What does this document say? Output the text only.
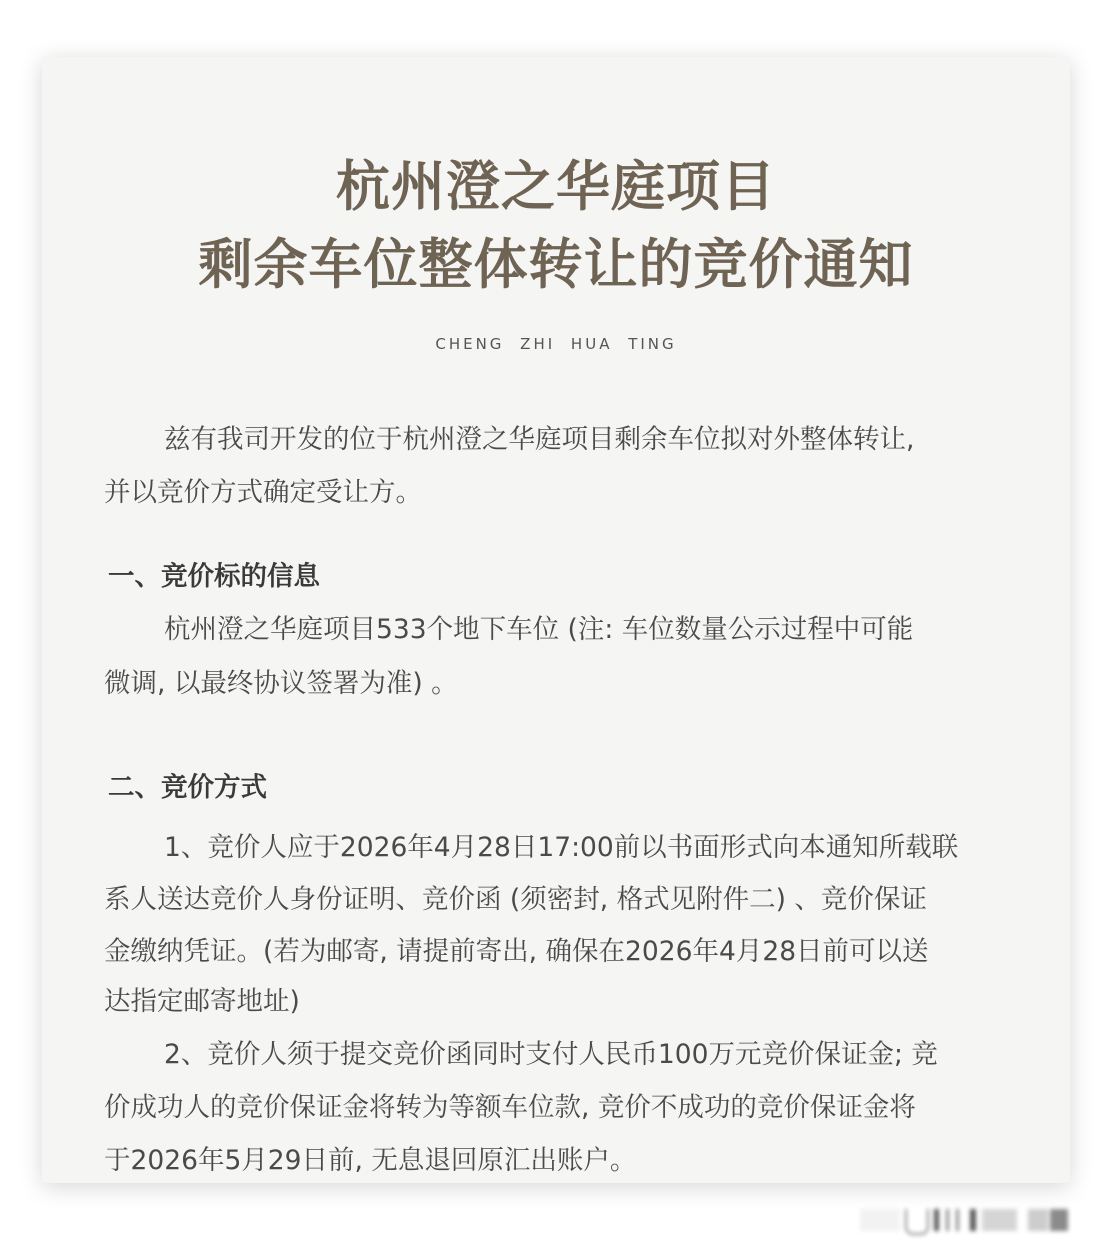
杭州澄之华庭项目
剩余车位整体转让的竞价通知
CHENG ZHI HUA TING
兹有我司开发的位于杭州澄之华庭项目剩余车位拟对外整体转让,
并以竞价方式确定受让方。
一、竞价标的信息
杭州澄之华庭项目533个地下车位 (注: 车位数量公示过程中可能
微调, 以最终协议签署为准) 。
二、竞价方式
1、竞价人应于2026年4月28日17:00前以书面形式向本通知所载联
系人送达竞价人身份证明、竞价函 (须密封, 格式见附件二) 、竞价保证
金缴纳凭证。(若为邮寄, 请提前寄出, 确保在2026年4月28日前可以送
达指定邮寄地址)
2、竞价人须于提交竞价函同时支付人民币100万元竞价保证金; 竞
价成功人的竞价保证金将转为等额车位款, 竞价不成功的竞价保证金将
于2026年5月29日前, 无息退回原汇出账户。
